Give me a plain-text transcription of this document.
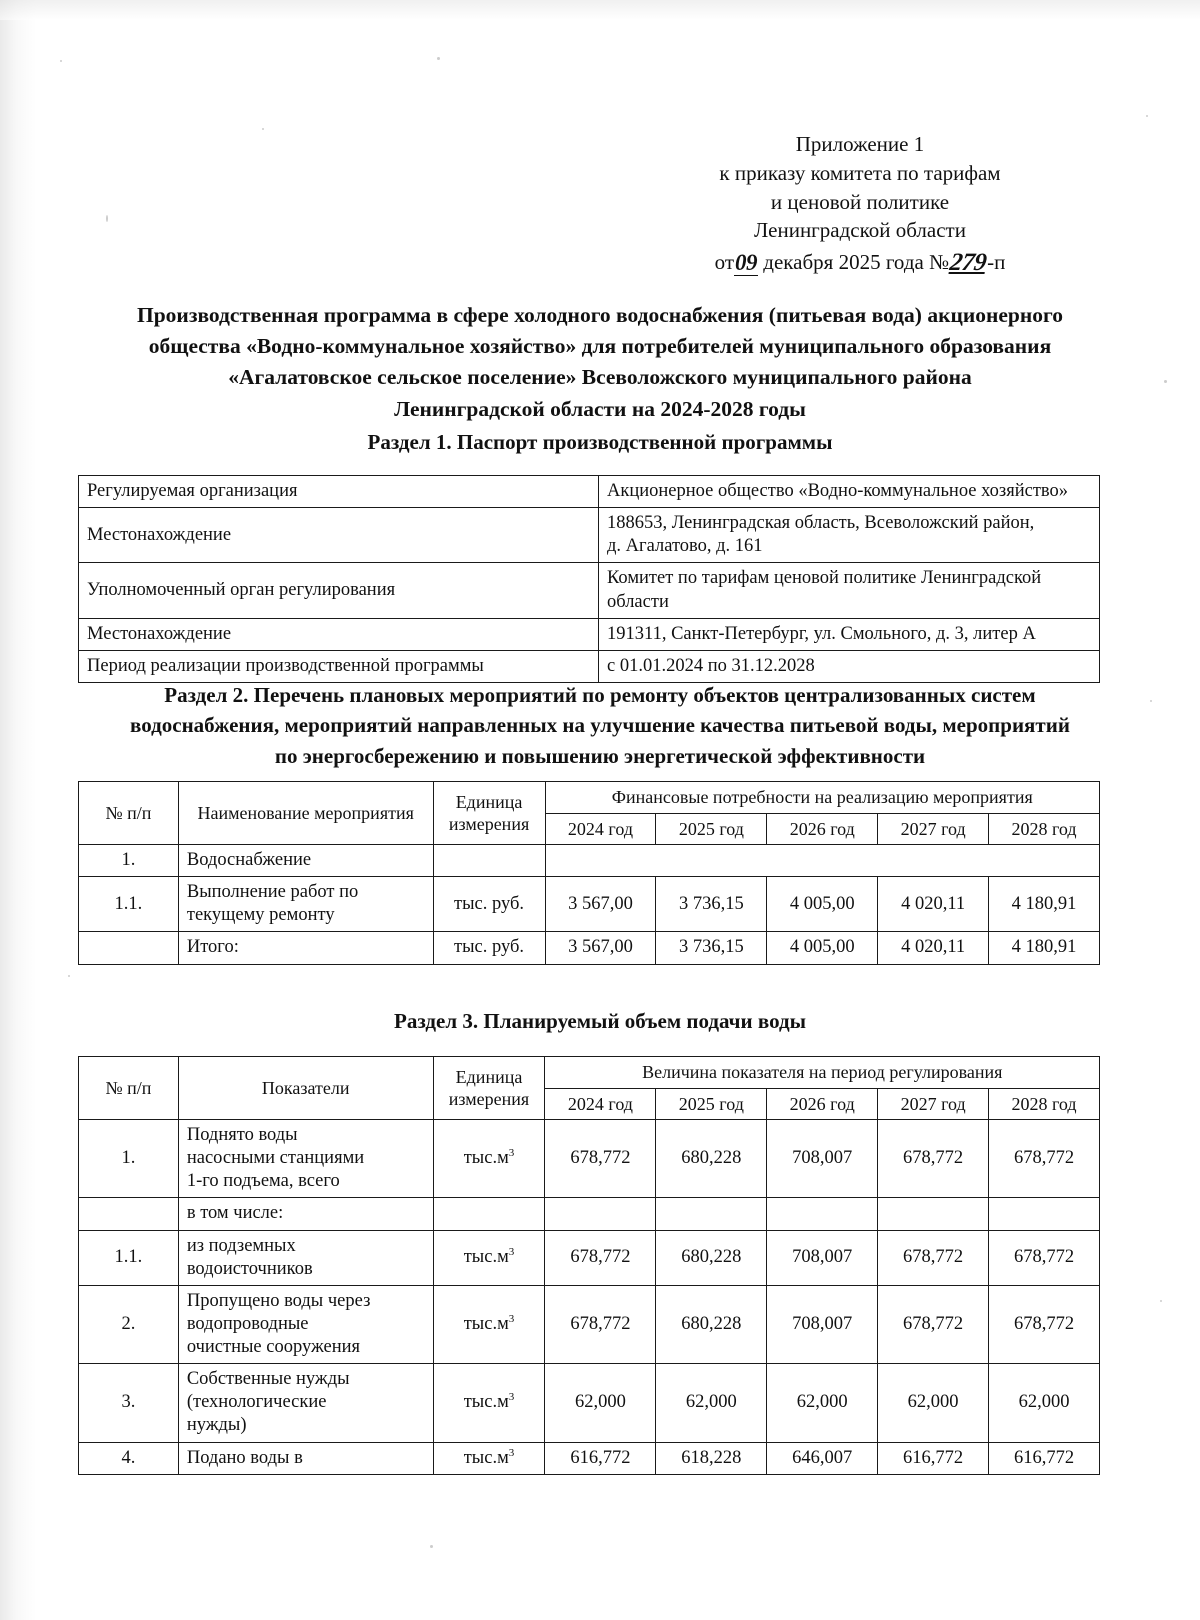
Приложение 1
к приказу комитета по тарифам
и ценовой политике
Ленинградской области
от09 декабря 2025 года №279-п
Производственная программа в сфере холодного водоснабжения (питьевая вода) акционерного
общества «Водно-коммунальное хозяйство» для потребителей муниципального образования
«Агалатовское сельское поселение» Всеволожского муниципального района
Ленинградской области на 2024-2028 годы
Раздел 1. Паспорт производственной программы
Регулируемая организация	Акционерное общество «Водно-коммунальное хозяйство»
Местонахождение	188653, Ленинградская область, Всеволожский район,
д. Агалатово, д. 161
Уполномоченный орган регулирования	Комитет по тарифам ценовой политике Ленинградской
области
Местонахождение	191311, Санкт-Петербург, ул. Смольного, д. 3, литер А
Период реализации производственной программы	с 01.01.2024 по 31.12.2028
Раздел 2. Перечень плановых мероприятий по ремонту объектов централизованных систем
водоснабжения, мероприятий направленных на улучшение качества питьевой воды, мероприятий
по энергосбережению и повышению энергетической эффективности
№ п/п	Наименование мероприятия	Единица
измерения	Финансовые потребности на реализацию мероприятия				
			2024 год	2025 год	2026 год	2027 год	2028 год
1.	Водоснабжение						
1.1.	Выполнение работ по
текущему ремонту	тыс. руб.	3 567,00	3 736,15	4 005,00	4 020,11	4 180,91
	Итого:	тыс. руб.	3 567,00	3 736,15	4 005,00	4 020,11	4 180,91
Раздел 3. Планируемый объем подачи воды
№ п/п	Показатели	Единица
измерения	Величина показателя на период регулирования				
			2024 год	2025 год	2026 год	2027 год	2028 год
1.	Поднято воды
насосными станциями
1-го подъема, всего	$тыс.м^3$	678,772	680,228	708,007	678,772	678,772
	в том числе:						
1.1.	из подземных
водоисточников	$тыс.м^3$	678,772	680,228	708,007	678,772	678,772
2.	Пропущено воды через
водопроводные
очистные сооружения	$тыс.м^3$	678,772	680,228	708,007	678,772	678,772
3.	Собственные нужды
(технологические
нужды)	$тыс.м^3$	62,000	62,000	62,000	62,000	62,000
4.	Подано воды в	$тыс.м^3$	616,772	618,228	646,007	616,772	616,772
